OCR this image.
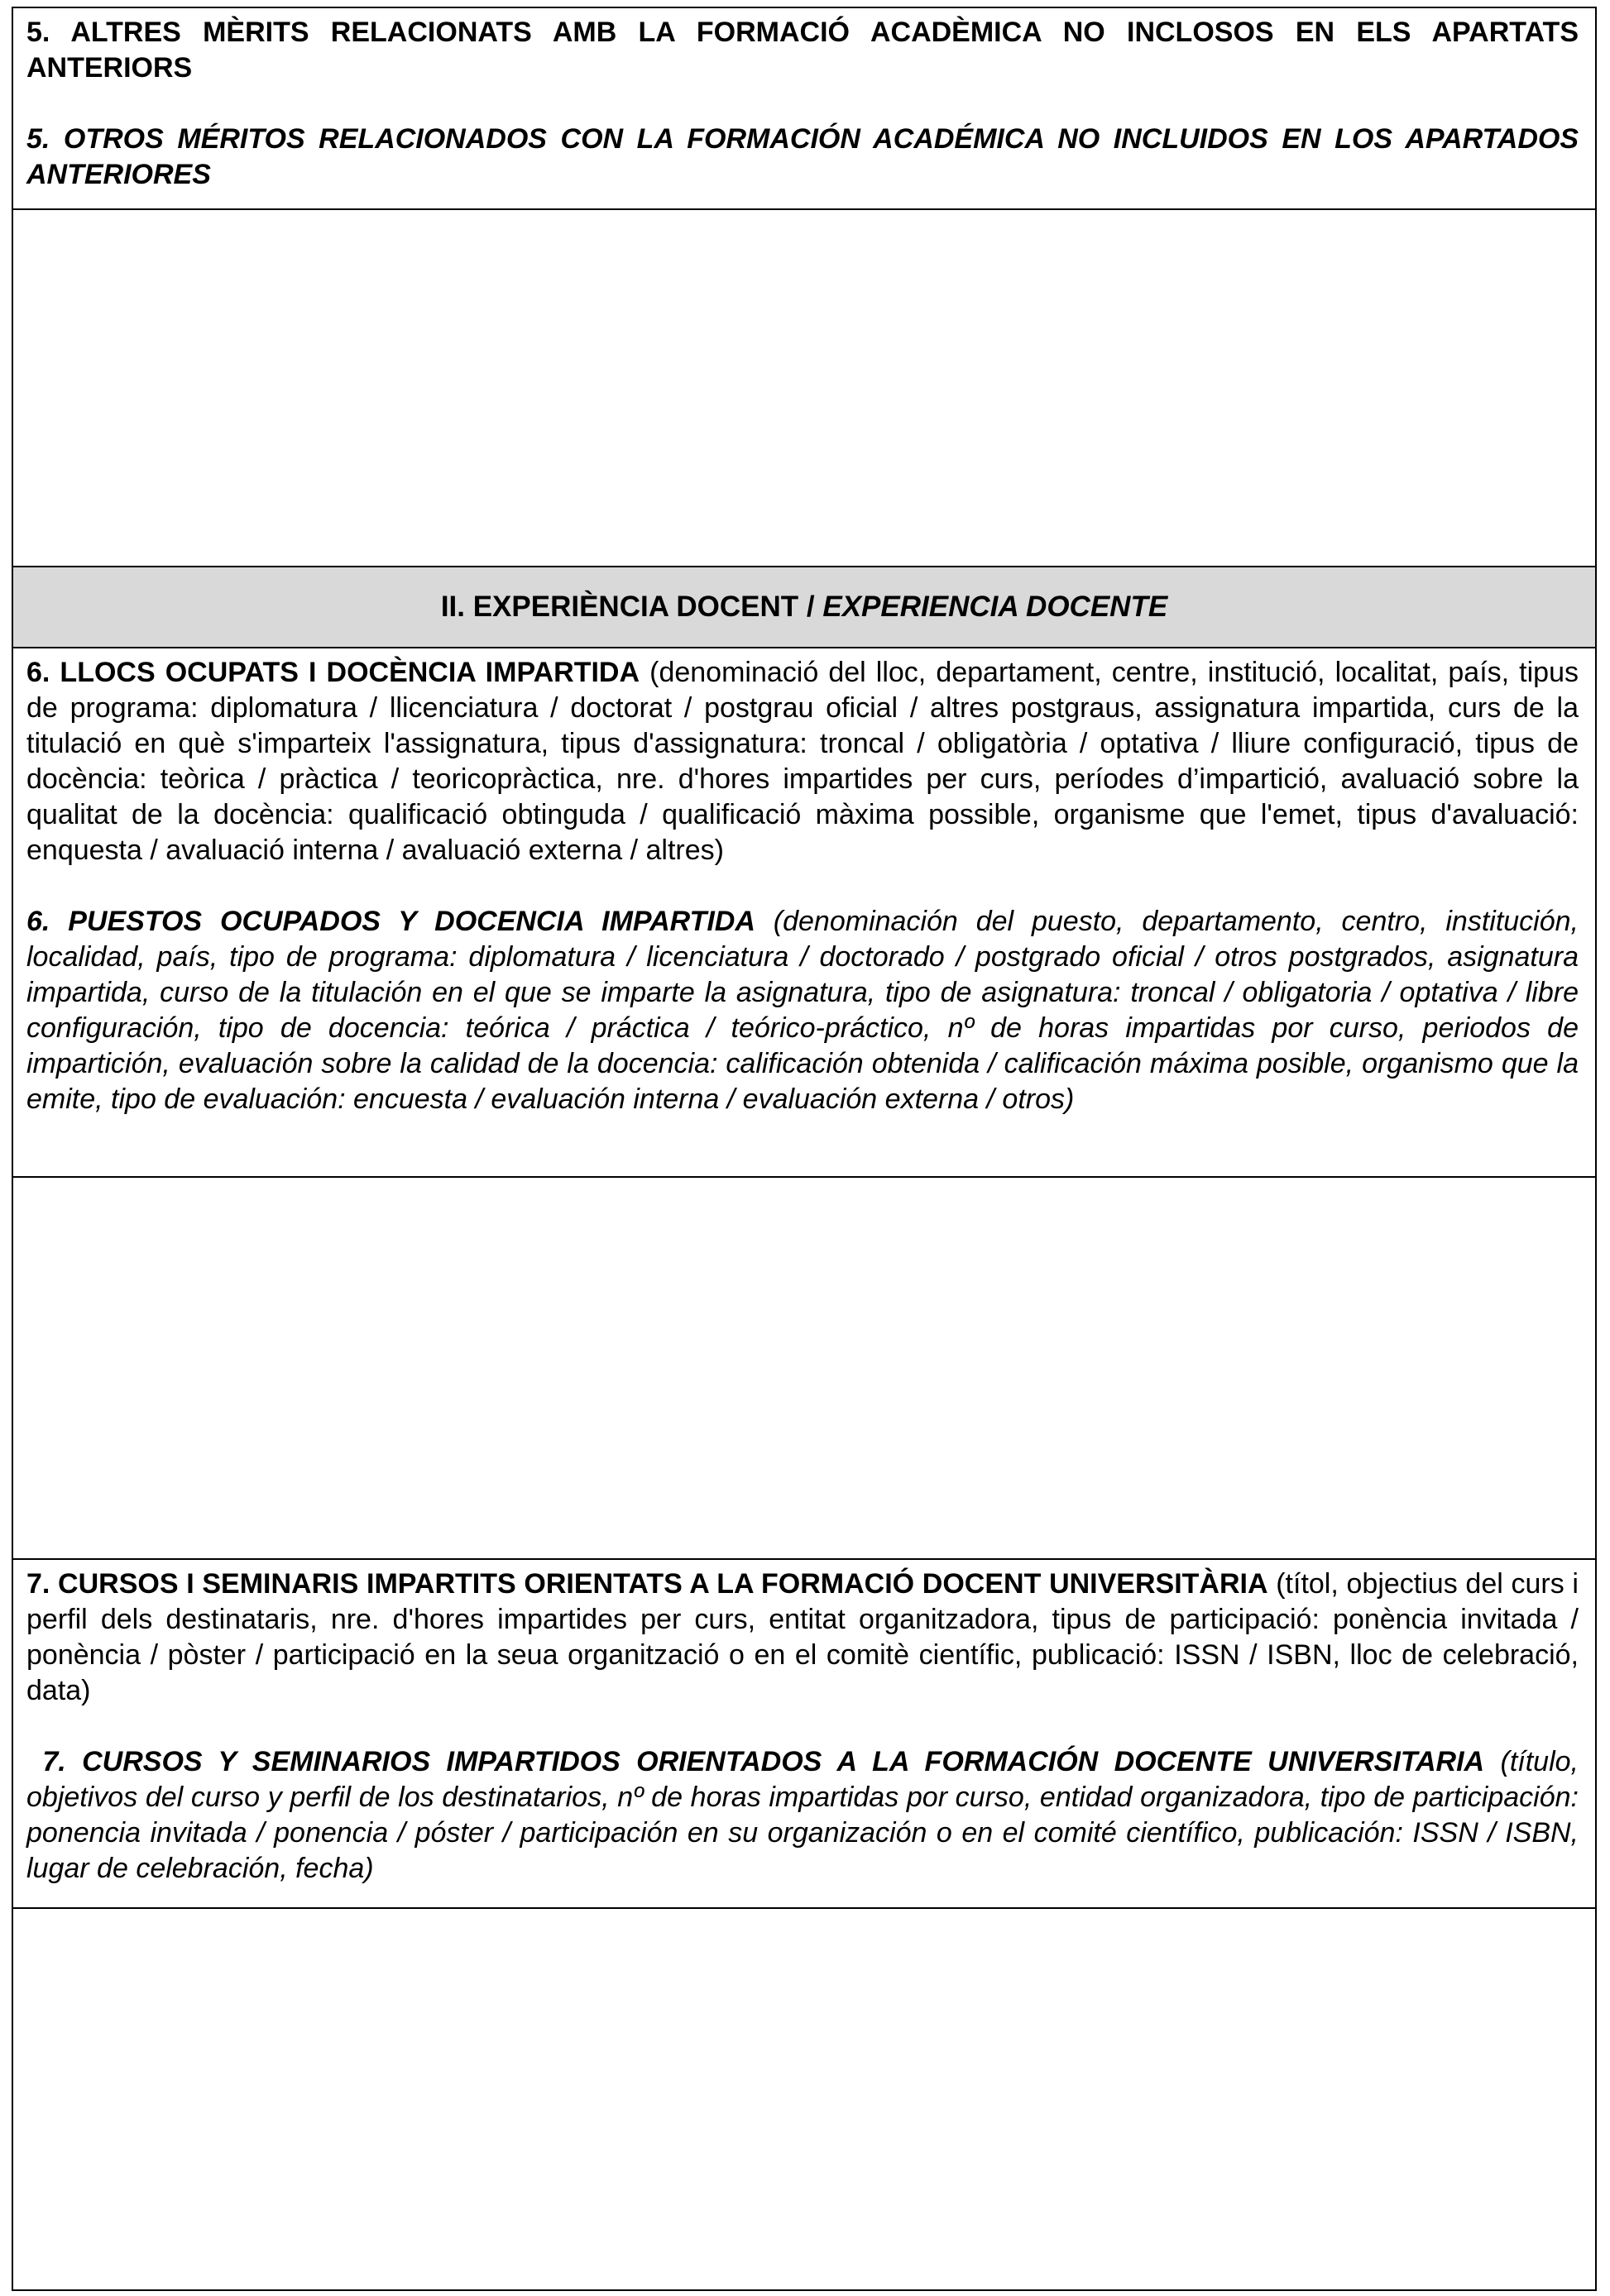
5. ALTRES MÈRITS RELACIONATS AMB LA FORMACIÓ ACADÈMICA NO INCLOSOS EN ELS APARTATS ANTERIORS

5. OTROS MÉRITOS RELACIONADOS CON LA FORMACIÓN ACADÉMICA NO INCLUIDOS EN LOS APARTADOS ANTERIORES

II. EXPERIÈNCIA DOCENT / EXPERIENCIA DOCENTE

6. LLOCS OCUPATS I DOCÈNCIA IMPARTIDA (denominació del lloc, departament, centre, institució, localitat, país, tipus de programa: diplomatura / llicenciatura / doctorat / postgrau oficial / altres postgraus, assignatura impartida, curs de la titulació en què s'imparteix l'assignatura, tipus d'assignatura: troncal / obligatòria / optativa / lliure configuració, tipus de docència: teòrica / pràctica / teoricopràctica, nre. d'hores impartides per curs, períodes d’impartició, avaluació sobre la qualitat de la docència: qualificació obtinguda / qualificació màxima possible, organisme que l'emet, tipus d'avaluació: enquesta / avaluació interna / avaluació externa / altres)

6. PUESTOS OCUPADOS Y DOCENCIA IMPARTIDA (denominación del puesto, departamento, centro, institución, localidad, país, tipo de programa: diplomatura / licenciatura / doctorado / postgrado oficial / otros postgrados, asignatura impartida, curso de la titulación en el que se imparte la asignatura, tipo de asignatura: troncal / obligatoria / optativa / libre configuración, tipo de docencia: teórica / práctica / teórico-práctico, nº de horas impartidas por curso, periodos de impartición, evaluación sobre la calidad de la docencia: calificación obtenida / calificación máxima posible, organismo que la emite, tipo de evaluación: encuesta / evaluación interna / evaluación externa / otros)

7. CURSOS I SEMINARIS IMPARTITS ORIENTATS A LA FORMACIÓ DOCENT UNIVERSITÀRIA (títol, objectius del curs i perfil dels destinataris, nre. d'hores impartides per curs, entitat organitzadora, tipus de participació: ponència invitada / ponència / pòster / participació en la seua organització o en el comitè científic, publicació: ISSN / ISBN, lloc de celebració, data)

7. CURSOS Y SEMINARIOS IMPARTIDOS ORIENTADOS A LA FORMACIÓN DOCENTE UNIVERSITARIA (título, objetivos del curso y perfil de los destinatarios, nº de horas impartidas por curso, entidad organizadora, tipo de participación: ponencia invitada / ponencia / póster / participación en su organización o en el comité científico, publicación: ISSN / ISBN, lugar de celebración, fecha)
